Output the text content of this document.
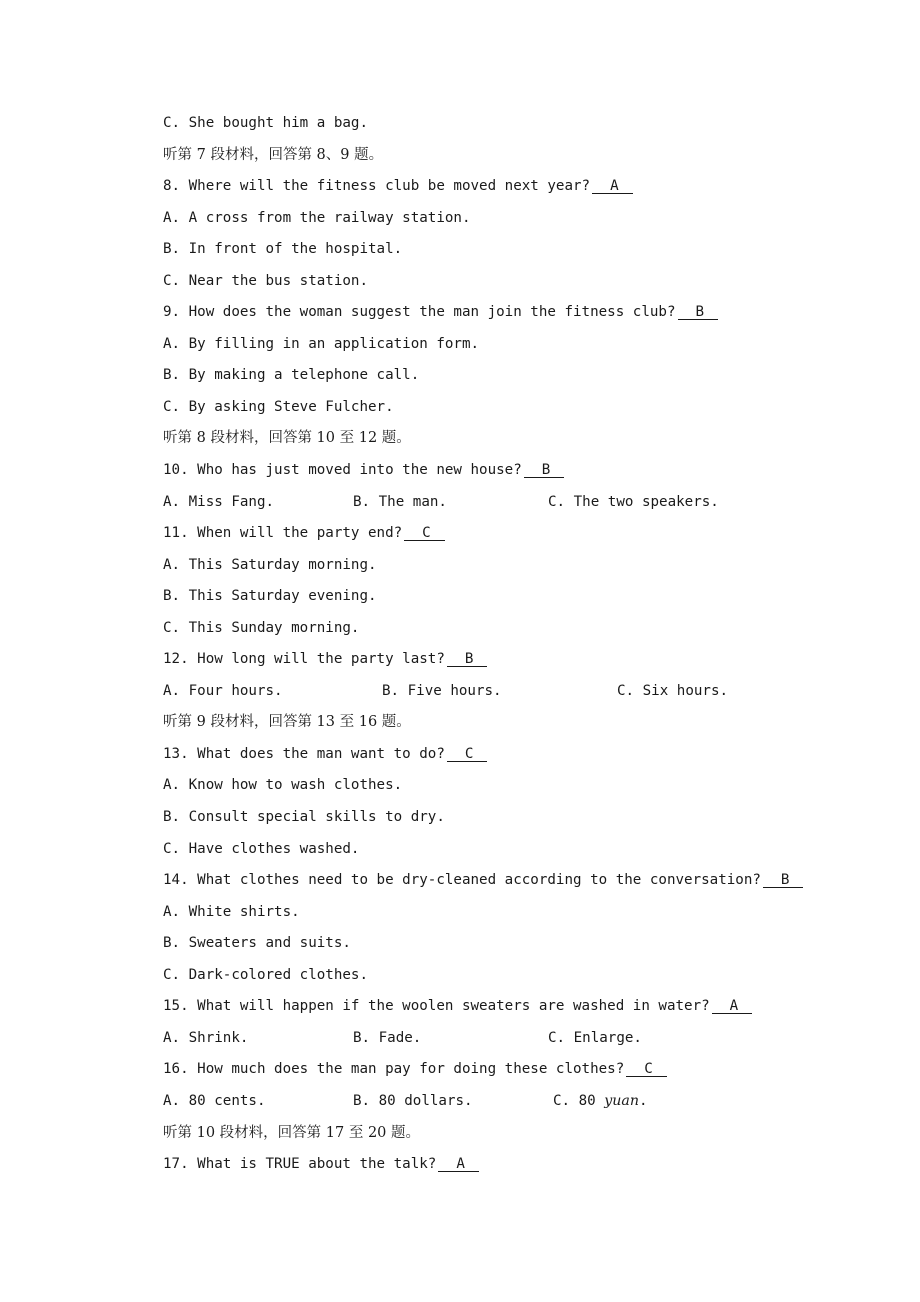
C. She bought him a bag.
听第 7 段材料，回答第 8、9 题。
8. Where will the fitness club be moved next year? A
A. A cross from the railway station.
B. In front of the hospital.
C. Near the bus station.
9. How does the woman suggest the man join the fitness club? B
A. By filling in an application form.
B. By making a telephone call.
C. By asking Steve Fulcher.
听第 8 段材料，回答第 10 至 12 题。
10. Who has just moved into the new house? B
A. Miss Fang.	B. The man.	C. The two speakers.
11. When will the party end? C
A. This Saturday morning.
B. This Saturday evening.
C. This Sunday morning.
12. How long will the party last? B
A. Four hours.	B. Five hours.	C. Six hours.
听第 9 段材料，回答第 13 至 16 题。
13. What does the man want to do? C
A. Know how to wash clothes.
B. Consult special skills to dry.
C. Have clothes washed.
14. What clothes need to be dry-cleaned according to the conversation? B
A. White shirts.
B. Sweaters and suits.
C. Dark-colored clothes.
15. What will happen if the woolen sweaters are washed in water? A
A. Shrink.	B. Fade.	C. Enlarge.
16. How much does the man pay for doing these clothes? C
A. 80 cents.	B. 80 dollars.	C. 80 yuan.
听第 10 段材料，回答第 17 至 20 题。
17. What is TRUE about the talk? A
